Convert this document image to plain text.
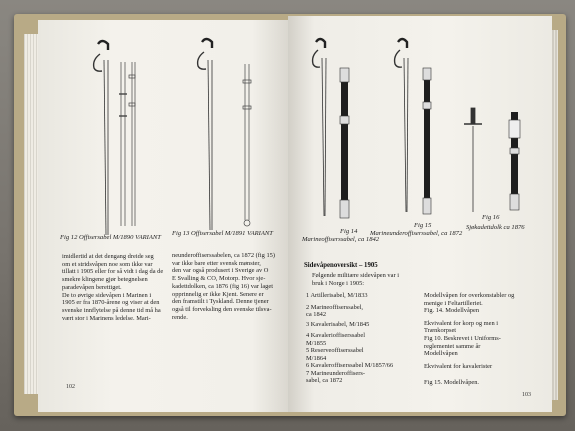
Fig 12 Offisersabel M/1890 VARIANT
Fig 13 Offisersabel M/1891 VARIANT

imidlertid at det dengang dreide seg

om et stridsvåpen noe som ikke var

tillatt i 1905 eller for så vidt i dag da de

smekre klingene gjør betegnelsen

paradevåpen berettiget.

De to øvrige sidevåpen i Marinen i

1905 er fra 1870-årene og viser at den

svenske innflytelse på denne tid må ha

vært stor i Marinens ledelse. Mari-

neunderoffiserssabelen, ca 1872 (fig 15)

var ikke bare etter svensk mønster,

den var også produsert i Sverige av O

E Svalling & CO, Motorp. Hvor sje-

kadettdolken, ca 1876 (fig 16) var laget

opprinnelig er ikke Kjent. Senere er

den framstilt i Tyskland. Denne tjener

også til forveksling den svenske tilsva-

rende.

102
Fig 14
Marineoffiserssabel, ca 1842
Fig 15
Marineunderoffiserssabel, ca 1872
Fig 16
Sjøkadettdolk ca 1876
Sidevåpenoversikt – 1905
Følgende militære sidevåpen var i
bruk i Norge i 1905:
1 Artillerisabel, M/1833
2 Marineoffiserssabel,
ca 1842
3 Kavalerisabel, M/1845
4 Kavalerioffiserssabel
M/1855
5 Reserveoffiserssabel
M/1864
6 Kavaleroffiserssabel M/1857/66
7 Marineunderoffisers-
sabel, ca 1872
Modellvåpen for overkonstabler og
menige i Feltartilleriet.
Fig. 14. Modellvåpen
Ekvivalent for korp og men i
Trænkorpset
Fig 10. Beskrevet i Uniforms-
reglementet samme år
Modellvåpen
Ekvivalent for kavalerister
Fig 15. Modellvåpen.
103
